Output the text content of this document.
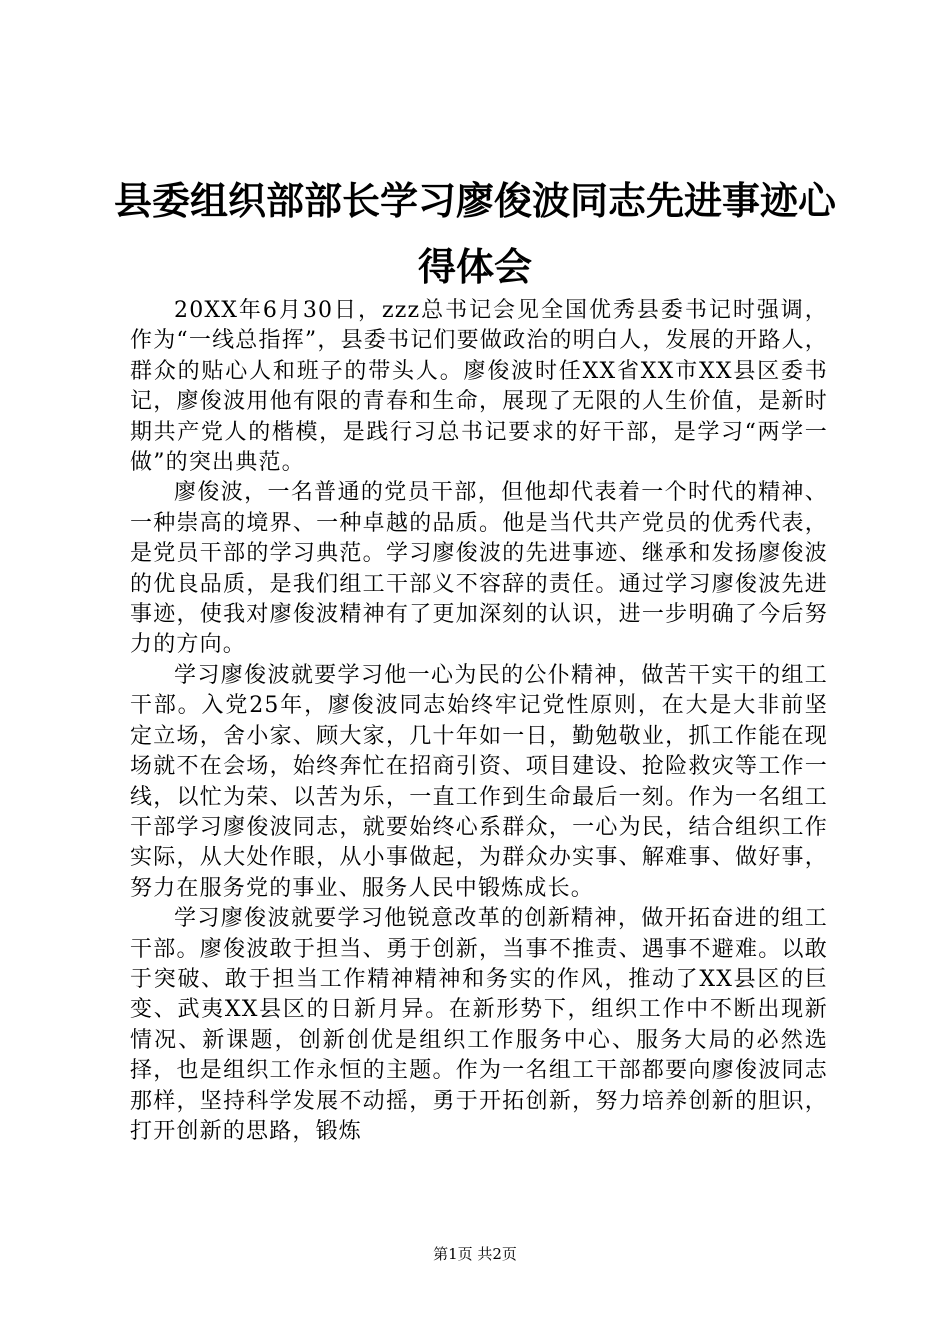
县委组织部部长学习廖俊波同志先进事迹心得体会

20XX年6月30日，zzz总书记会见全国优秀县委书记时强调，作为“一线总指挥”，县委书记们要做政治的明白人，发展的开路人，群众的贴心人和班子的带头人。廖俊波时任XX省XX市XX县区委书记，廖俊波用他有限的青春和生命，展现了无限的人生价值，是新时期共产党人的楷模，是践行习总书记要求的好干部，是学习“两学一做”的突出典范。

廖俊波，一名普通的党员干部，但他却代表着一个时代的精神、一种崇高的境界、一种卓越的品质。他是当代共产党员的优秀代表，是党员干部的学习典范。学习廖俊波的先进事迹、继承和发扬廖俊波的优良品质，是我们组工干部义不容辞的责任。通过学习廖俊波先进事迹，使我对廖俊波精神有了更加深刻的认识，进一步明确了今后努力的方向。

学习廖俊波就要学习他一心为民的公仆精神，做苦干实干的组工干部。入党25年，廖俊波同志始终牢记党性原则，在大是大非前坚定立场，舍小家、顾大家，几十年如一日，勤勉敬业，抓工作能在现场就不在会场，始终奔忙在招商引资、项目建设、抢险救灾等工作一线，以忙为荣、以苦为乐，一直工作到生命最后一刻。作为一名组工干部学习廖俊波同志，就要始终心系群众，一心为民，结合组织工作实际，从大处作眼，从小事做起，为群众办实事、解难事、做好事，努力在服务党的事业、服务人民中锻炼成长。

学习廖俊波就要学习他锐意改革的创新精神，做开拓奋进的组工干部。廖俊波敢于担当、勇于创新，当事不推责、遇事不避难。以敢于突破、敢于担当工作精神精神和务实的作风，推动了XX县区的巨变、武夷XX县区的日新月异。在新形势下，组织工作中不断出现新情况、新课题，创新创优是组织工作服务中心、服务大局的必然选择，也是组织工作永恒的主题。作为一名组工干部都要向廖俊波同志那样，坚持科学发展不动摇，勇于开拓创新，努力培养创新的胆识，打开创新的思路，锻炼

第1页 共2页
